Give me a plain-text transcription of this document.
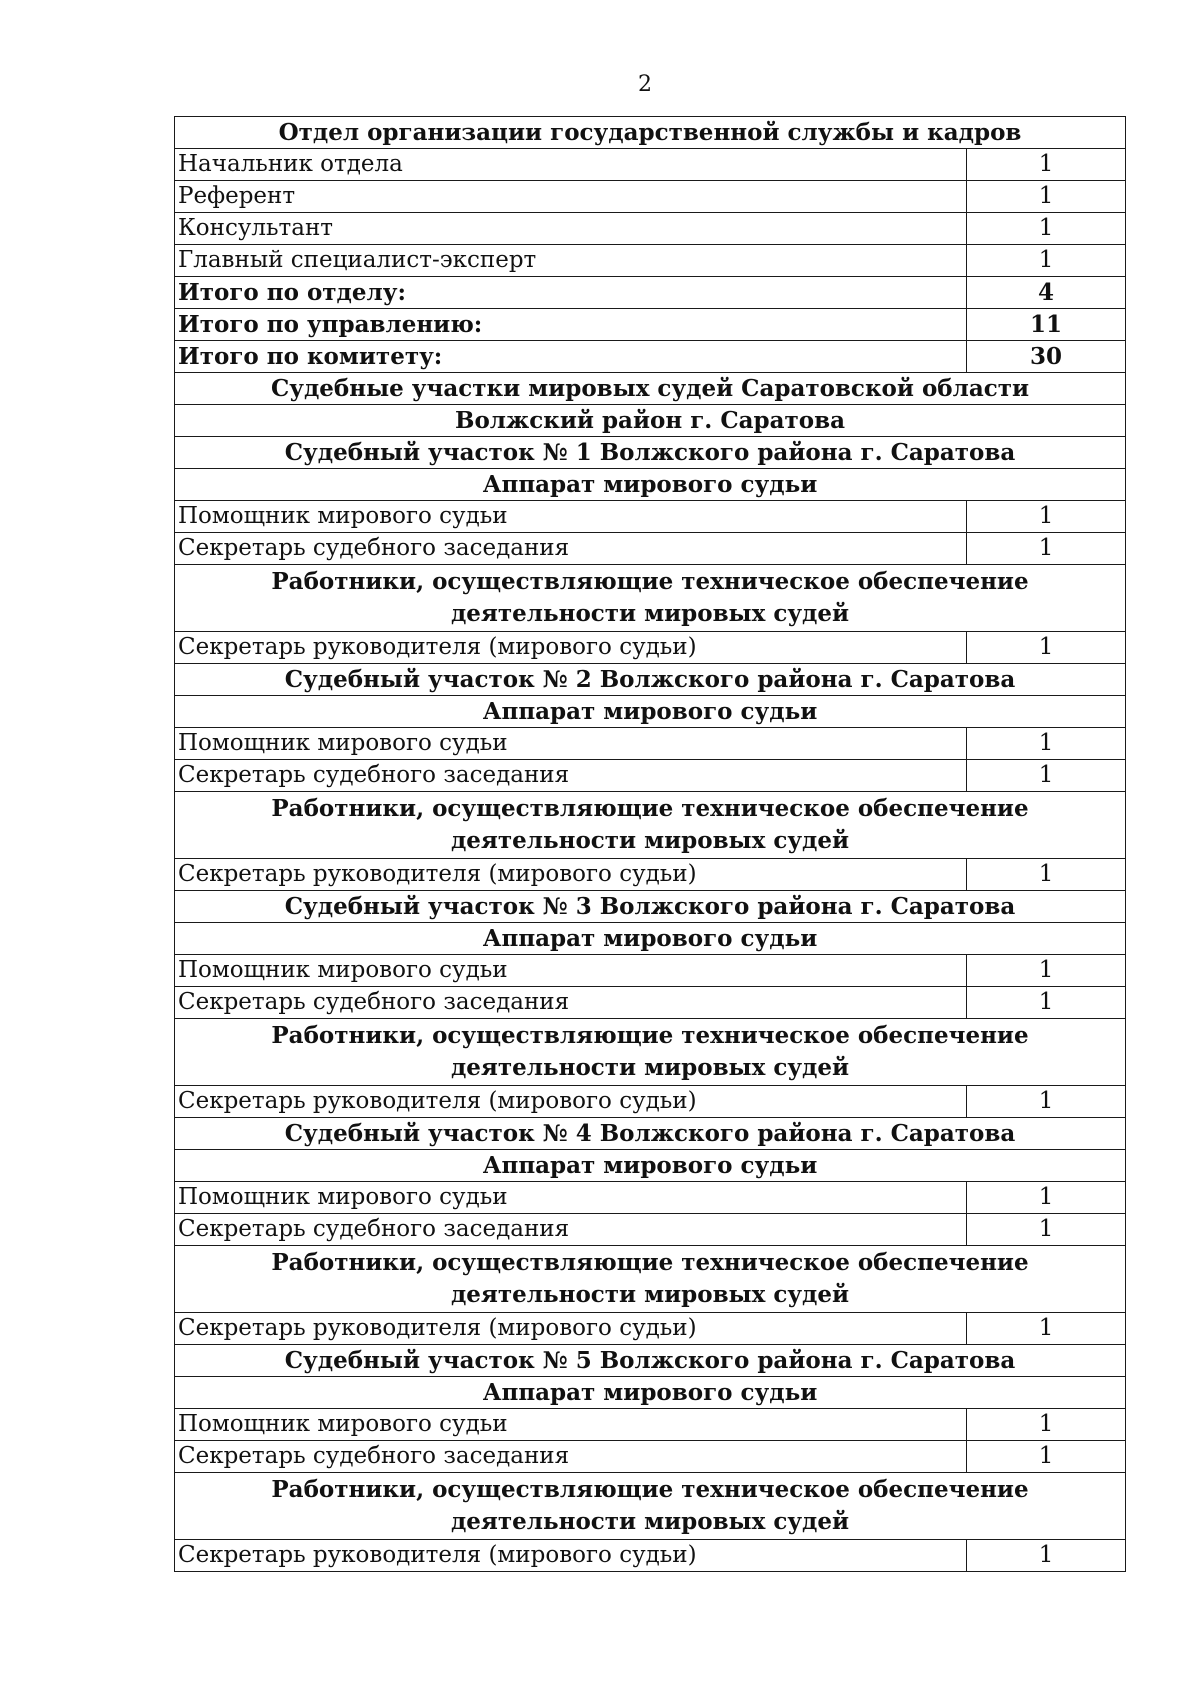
2
Отдел организации государственной службы и кадров	
Начальник отдела	1
Референт	1
Консультант	1
Главный специалист-эксперт	1
Итого по отделу:	4
Итого по управлению:	11
Итого по комитету:	30
Судебные участки мировых судей Саратовской области	
Волжский район г. Саратова	
Судебный участок № 1 Волжского района г. Саратова	
Аппарат мирового судьи	
Помощник мирового судьи	1
Секретарь судебного заседания	1
Работники, осуществляющие техническое обеспечение деятельности мировых судей	
Секретарь руководителя (мирового судьи)	1
Судебный участок № 2 Волжского района г. Саратова	
Аппарат мирового судьи	
Помощник мирового судьи	1
Секретарь судебного заседания	1
Работники, осуществляющие техническое обеспечение деятельности мировых судей	
Секретарь руководителя (мирового судьи)	1
Судебный участок № 3 Волжского района г. Саратова	
Аппарат мирового судьи	
Помощник мирового судьи	1
Секретарь судебного заседания	1
Работники, осуществляющие техническое обеспечение деятельности мировых судей	
Секретарь руководителя (мирового судьи)	1
Судебный участок № 4 Волжского района г. Саратова	
Аппарат мирового судьи	
Помощник мирового судьи	1
Секретарь судебного заседания	1
Работники, осуществляющие техническое обеспечение деятельности мировых судей	
Секретарь руководителя (мирового судьи)	1
Судебный участок № 5 Волжского района г. Саратова	
Аппарат мирового судьи	
Помощник мирового судьи	1
Секретарь судебного заседания	1
Работники, осуществляющие техническое обеспечение деятельности мировых судей	
Секретарь руководителя (мирового судьи)	1
